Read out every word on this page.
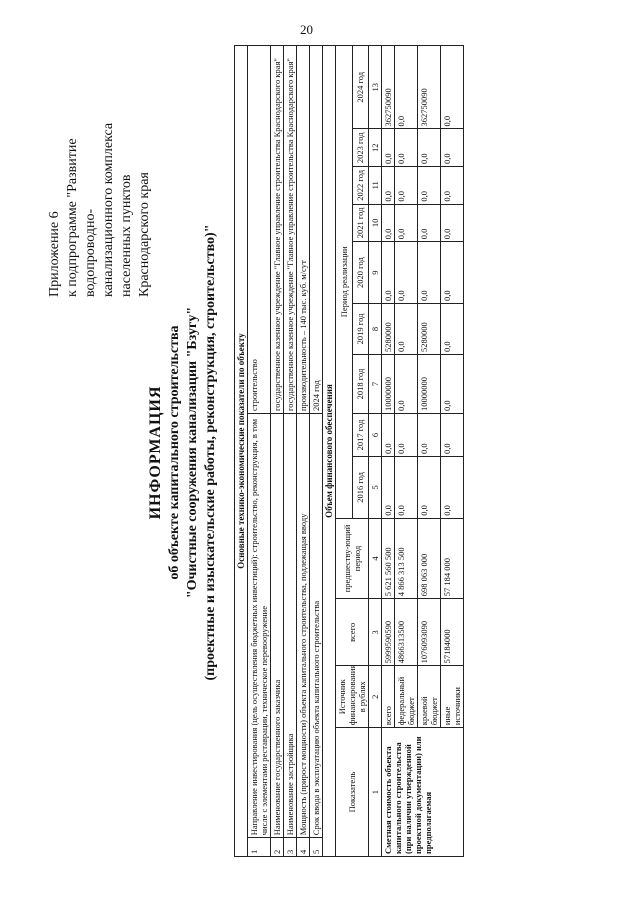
20
Приложение 6 к подпрограмме "Развитие водопроводно- канализационного комплекса населенных пунктов Краснодарского края
ИНФОРМАЦИЯ об объекте капитального строительства "Очистные сооружения канализации "Бзугу" (проектные и изыскательские работы, реконструкция, строительство)" Основные технико-экономические показатели по объекту													
1	Направление инвестирования (цель осуществления бюджетных инвестиций): строительство, реконструкция, в том числе с элементами реставрации, техническое перевооружение						строительство						
2	Наименование государственного заказчика						государственное казенное учреждение "Главное управление строительства Краснодарского края"						
3	Наименование застройщика						государственное казенное учреждение "Главное управление строительства Краснодарского края"						
4	Мощность (прирост мощности) объекта капитального строительства, подлежащая вводу						производительность – 140 тыс. куб. м/сут						
5	Срок ввода в эксплуатацию объекта капитального строительства						2024 год						
Объем финансового обеспечения													
Показатель		Источник финансирования в рублях	всего	предшеству-ющий период	Период реализации								
					2016 год	2017 год	2018 год	2019 год	2020 год	2021 год	2022 год	2023 год	2024 год
1		2	3	4	5	6	7	8	9	10	11	12	13
Сметная стоимость объекта капитального строительства (при наличии утвержденной проектной документации) или предполагаемая		всего	5999590590	5 621 560 500	0,0	0,0	10000000	5280000	0,0	0,0	0,0	0,0	362750090
		федеральный бюджет	4866313500	4 866 313 500	0,0	0,0	0,0	0,0	0,0	0,0	0,0	0,0	0,0
		краевой бюджет	1076093090	698 063 000	0,0	0,0	10000000	5280000	0,0	0,0	0,0	0,0	362750090
		иные источники	57184000	57 184 000	0,0	0,0	0,0	0,0	0,0	0,0	0,0	0,0	0,0
